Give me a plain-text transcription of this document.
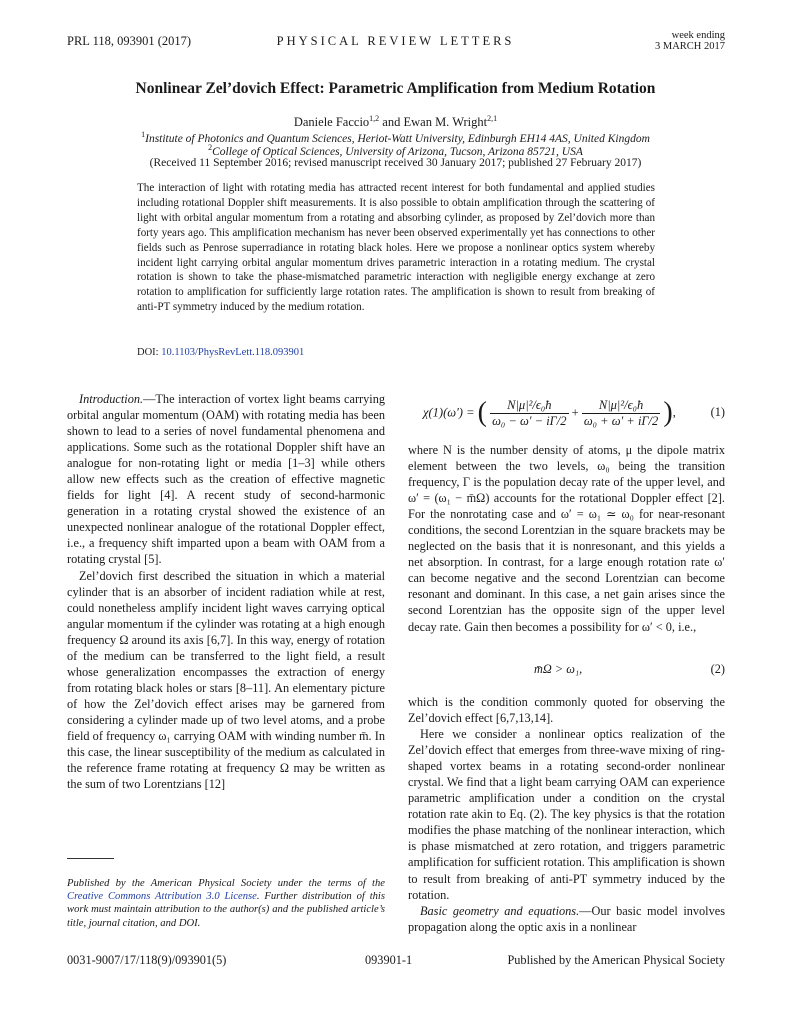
PRL 118, 093901 (2017)	PHYSICAL REVIEW LETTERS	week ending
3 MARCH 2017
Nonlinear Zel’dovich Effect: Parametric Amplification from Medium Rotation
Daniele Faccio$^{1,2}$ and Ewan M. Wright$^{2,1}$
$^1$Institute of Photonics and Quantum Sciences, Heriot-Watt University, Edinburgh EH14 4AS, United Kingdom
$^2$College of Optical Sciences, University of Arizona, Tucson, Arizona 85721, USA
(Received 11 September 2016; revised manuscript received 30 January 2017; published 27 February 2017)
The interaction of light with rotating media has attracted recent interest for both fundamental and applied studies including rotational Doppler shift measurements. It is also possible to obtain amplification through the scattering of light with orbital angular momentum from a rotating and absorbing cylinder, as proposed by Zel’dovich more than forty years ago. This amplification mechanism has never been observed experimentally yet has connections to other fields such as Penrose superradiance in rotating black holes. Here we propose a nonlinear optics system whereby incident light carrying orbital angular momentum drives parametric interaction in a rotating medium. The crystal rotation is shown to take the phase-mismatched parametric interaction with negligible energy exchange at zero rotation to amplification for sufficiently large rotation rates. The amplification is shown to result from breaking of anti-PT symmetry induced by the medium rotation.
DOI: 10.1103/PhysRevLett.118.093901

Introduction.—The interaction of vortex light beams carrying orbital angular momentum (OAM) with rotating media has been shown to lead to a series of novel fundamental phenomena and applications. Some such as the rotational Doppler shift have an analogue for non-rotating light or media [1–3] while others allow new effects such as the creation of effective magnetic fields for light [4]. A recent study of second-harmonic generation in a rotating crystal showed the existence of an unexpected nonlinear analogue of the rotational Doppler effect, i.e., a frequency shift imparted upon a beam with OAM from a rotating crystal [5].

Zel’dovich first described the situation in which a material cylinder that is an absorber of incident radiation while at rest, could nonetheless amplify incident light waves carrying optical angular momentum if the cylinder was rotating at a high enough frequency Ω around its axis [6,7]. In this way, energy of rotation of the medium can be transferred to the light field, a result whose generalization encompasses the extraction of energy from rotating black holes or stars [8–11]. An elementary picture of how the Zel’dovich effect arises may be garnered from considering a cylinder made up of two level atoms, and a probe field of frequency ω₁ carrying OAM with winding number m̄. In this case, the linear susceptibility of the medium as calculated in the reference frame rotating at frequency Ω may be written as the sum of two Lorentzians [12]

Published by the American Physical Society under the terms of the Creative Commons Attribution 3.0 License. Further distribution of this work must maintain attribution to the author(s) and the published article’s title, journal citation, and DOI.
χ(1)(ω′) = ( $\frac{\text{N|μ|²/ϵ₀ħ}}{\text{ω₀ − ω′ − iΓ/2}} + \frac{\text{N|μ|²/ϵ₀ħ}}{\text{ω₀ + ω′ + iΓ/2}}$ ),	(1)

where N is the number density of atoms, μ the dipole matrix element between the two levels, ω₀ being the transition frequency, Γ is the population decay rate of the upper level, and ω′ = (ω₁ − m̄Ω) accounts for the rotational Doppler effect [2]. For the nonrotating case and ω′ = ω₁ ≃ ω₀ for near-resonant conditions, the second Lorentzian in the square brackets may be neglected on the basis that it is nonresonant, and this yields a net absorption. In contrast, for a large enough rotation rate ω′ can become negative and the second Lorentzian can become resonant and dominant. In this case, a net gain arises since the second Lorentzian has the opposite sign of the upper level decay rate. Gain then becomes a possibility for ω′ < 0, i.e.,

m̄Ω > ω₁,	(2)

which is the condition commonly quoted for observing the Zel’dovich effect [6,7,13,14].

Here we consider a nonlinear optics realization of the Zel’dovich effect that emerges from three-wave mixing of ring-shaped vortex beams in a rotating second-order nonlinear crystal. We find that a light beam carrying OAM can experience parametric amplification under a condition on the crystal rotation rate akin to Eq. (2). The key physics is that the rotation modifies the phase matching of the nonlinear interaction, which is phase mismatched at zero rotation, and triggers parametric amplification for sufficient rotation. This amplification is shown to result from breaking of anti-PT symmetry induced by the rotation.

Basic geometry and equations.—Our basic model involves propagation along the optic axis in a nonlinear

0031-9007/17/118(9)/093901(5)	093901-1	Published by the American Physical Society
